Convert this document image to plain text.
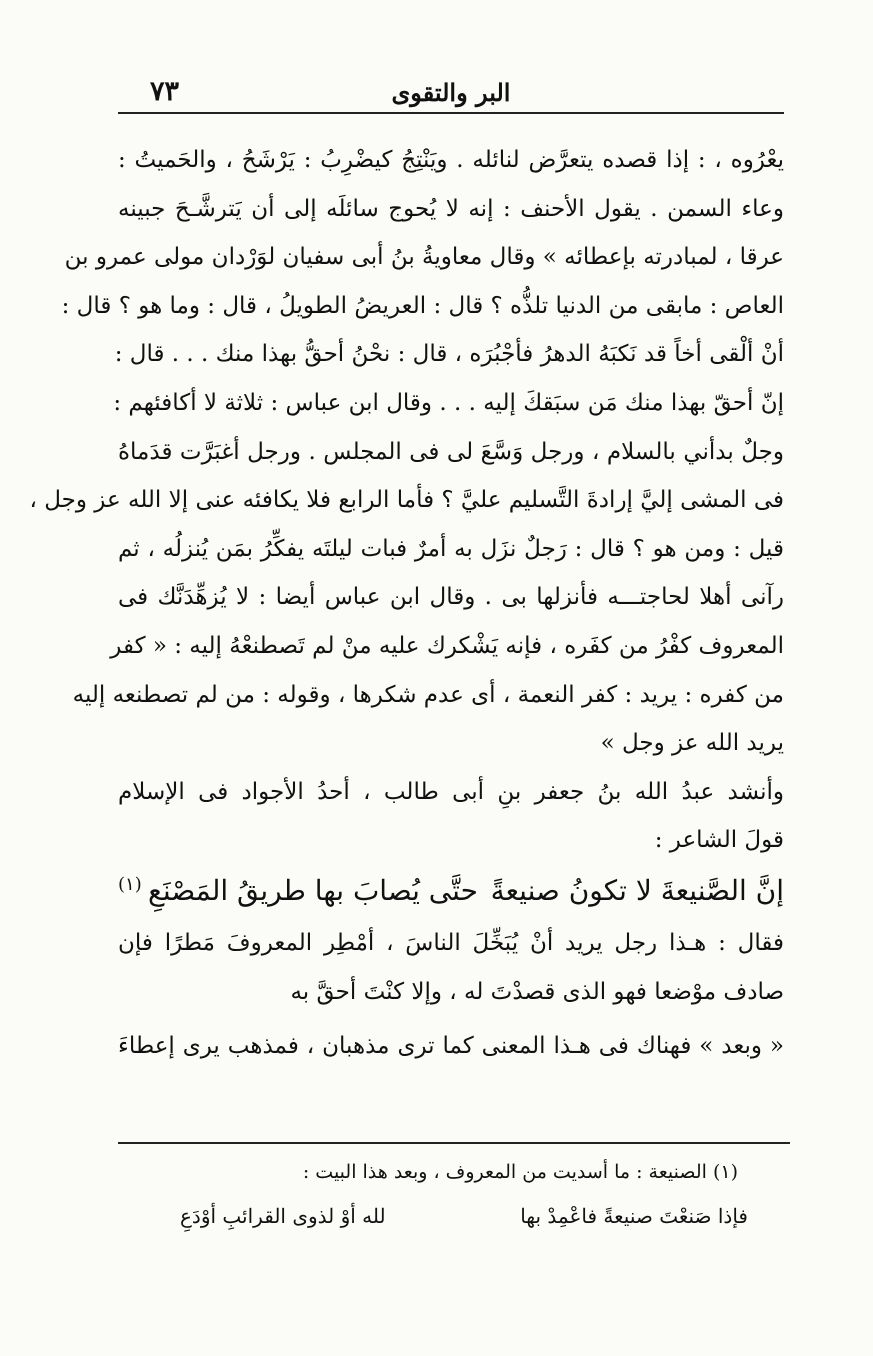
البر والتقوى
٧٣
يعْرُوه ، : إذا قصده يتعرَّض لنائله . ويَنْتِجُ كيضْرِبُ : يَرْشَحُ ، والحَميتُ :
وعاء السمن . يقول الأحنف : إنه لا يُحوج سائلَه إلى أن يَترشَّـحَ جبينه
عرقا ، لمبادرته بإعطائه » وقال معاويةُ بنُ أبى سفيان لوَرْدان مولى عمرو بن
العاص : مابقى من الدنيا تلذُّه ؟ قال : العريضُ الطويلُ ، قال : وما هو ؟ قال :
أنْ ألْقى أخاً قد نَكبَهُ الدهرُ فأجْبُرَه ، قال : نحْنُ أحقُّ بهذا منك . . . قال :
إنّ أحقّ بهذا منك مَن سبَقكَ إليه . . . وقال ابن عباس : ثلاثة لا أكافئهم :
وجلٌ بدأني بالسلام ، ورجل وَسَّعَ لى فى المجلس . ورجل أغبَرَّت قدَماهُ
فى المشى إليَّ إرادةَ التَّسليم عليَّ ؟ فأما الرابع فلا يكافئه عنى إلا الله عز وجل ،
قيل : ومن هو ؟ قال : رَجلٌ نزَل به أمرٌ فبات ليلتَه يفكِّرُ بمَن يُنزلُه ، ثم
رآنى أهلا لحاجتـــه فأنزلها بى . وقال ابن عباس أيضا : لا يُزهِّدَنَّك فى
المعروف كفْرُ من كفَره ، فإنه يَشْكرك عليه منْ لم تَصطنعْهُ إليه : « كفر
من كفره : يريد : كفر النعمة ، أى عدم شكرها ، وقوله : من لم تصطنعه إليه
يريد الله عز وجل »
وأنشد عبدُ الله بنُ جعفر بنِ أبى طالب ، أحدُ الأجواد فى الإسلام
قولَ الشاعر :
إنَّ الصَّنيعةَ لا تكونُ صنيعةً
حتَّى يُصابَ بها طريقُ المَصْنَعِ
(١)
فقال : هـذا رجل يريد أنْ يُبَخِّلَ الناسَ ، أمْطِر المعروفَ مَطرًا فإن
صادف موْضعا فهو الذى قصدْتَ له ، وإلا كنْتَ أحقَّ به
« وبعد » فهناك فى هـذا المعنى كما ترى مذهبان ، فمذهب يرى إعطاءَ
(١) الصنيعة : ما أسديت من المعروف ، وبعد هذا البيت :
فإذا صَنعْتَ صنيعةً فاعْمِدْ بها
لله أوْ لذوى القرائبِ أوْدَعِ
